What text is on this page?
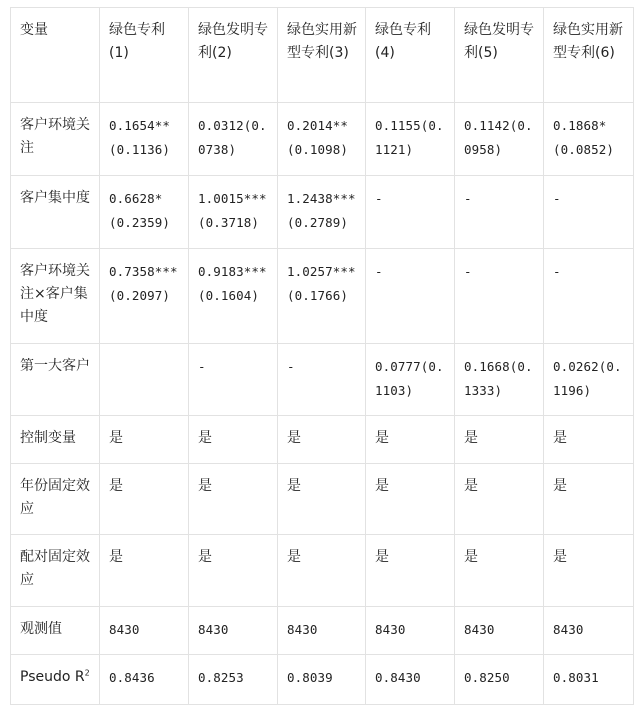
变量	绿色专利(1)	绿色发明专利(2)	绿色实用新型专利(3)	绿色专利(4)	绿色发明专利(5)	绿色实用新型专利(6)
客户环境关注	0.1654**(0.1136)	0.0312(0.0738)	0.2014**(0.1098)	0.1155(0.1121)	0.1142(0.0958)	0.1868*(0.0852)
客户集中度	0.6628*(0.2359)	1.0015***(0.3718)	1.2438***(0.2789)	-	-	-
客户环境关注×客户集中度	0.7358***(0.2097)	0.9183***(0.1604)	1.0257***(0.1766)	-	-	-
第一大客户		-	-	0.0777(0.1103)	0.1668(0.1333)	0.0262(0.1196)
控制变量	是	是	是	是	是	是
年份固定效应	是	是	是	是	是	是
配对固定效应	是	是	是	是	是	是
观测值	8430	8430	8430	8430	8430	8430
Pseudo $R^2$	0.8436	0.8253	0.8039	0.8430	0.8250	0.8031
